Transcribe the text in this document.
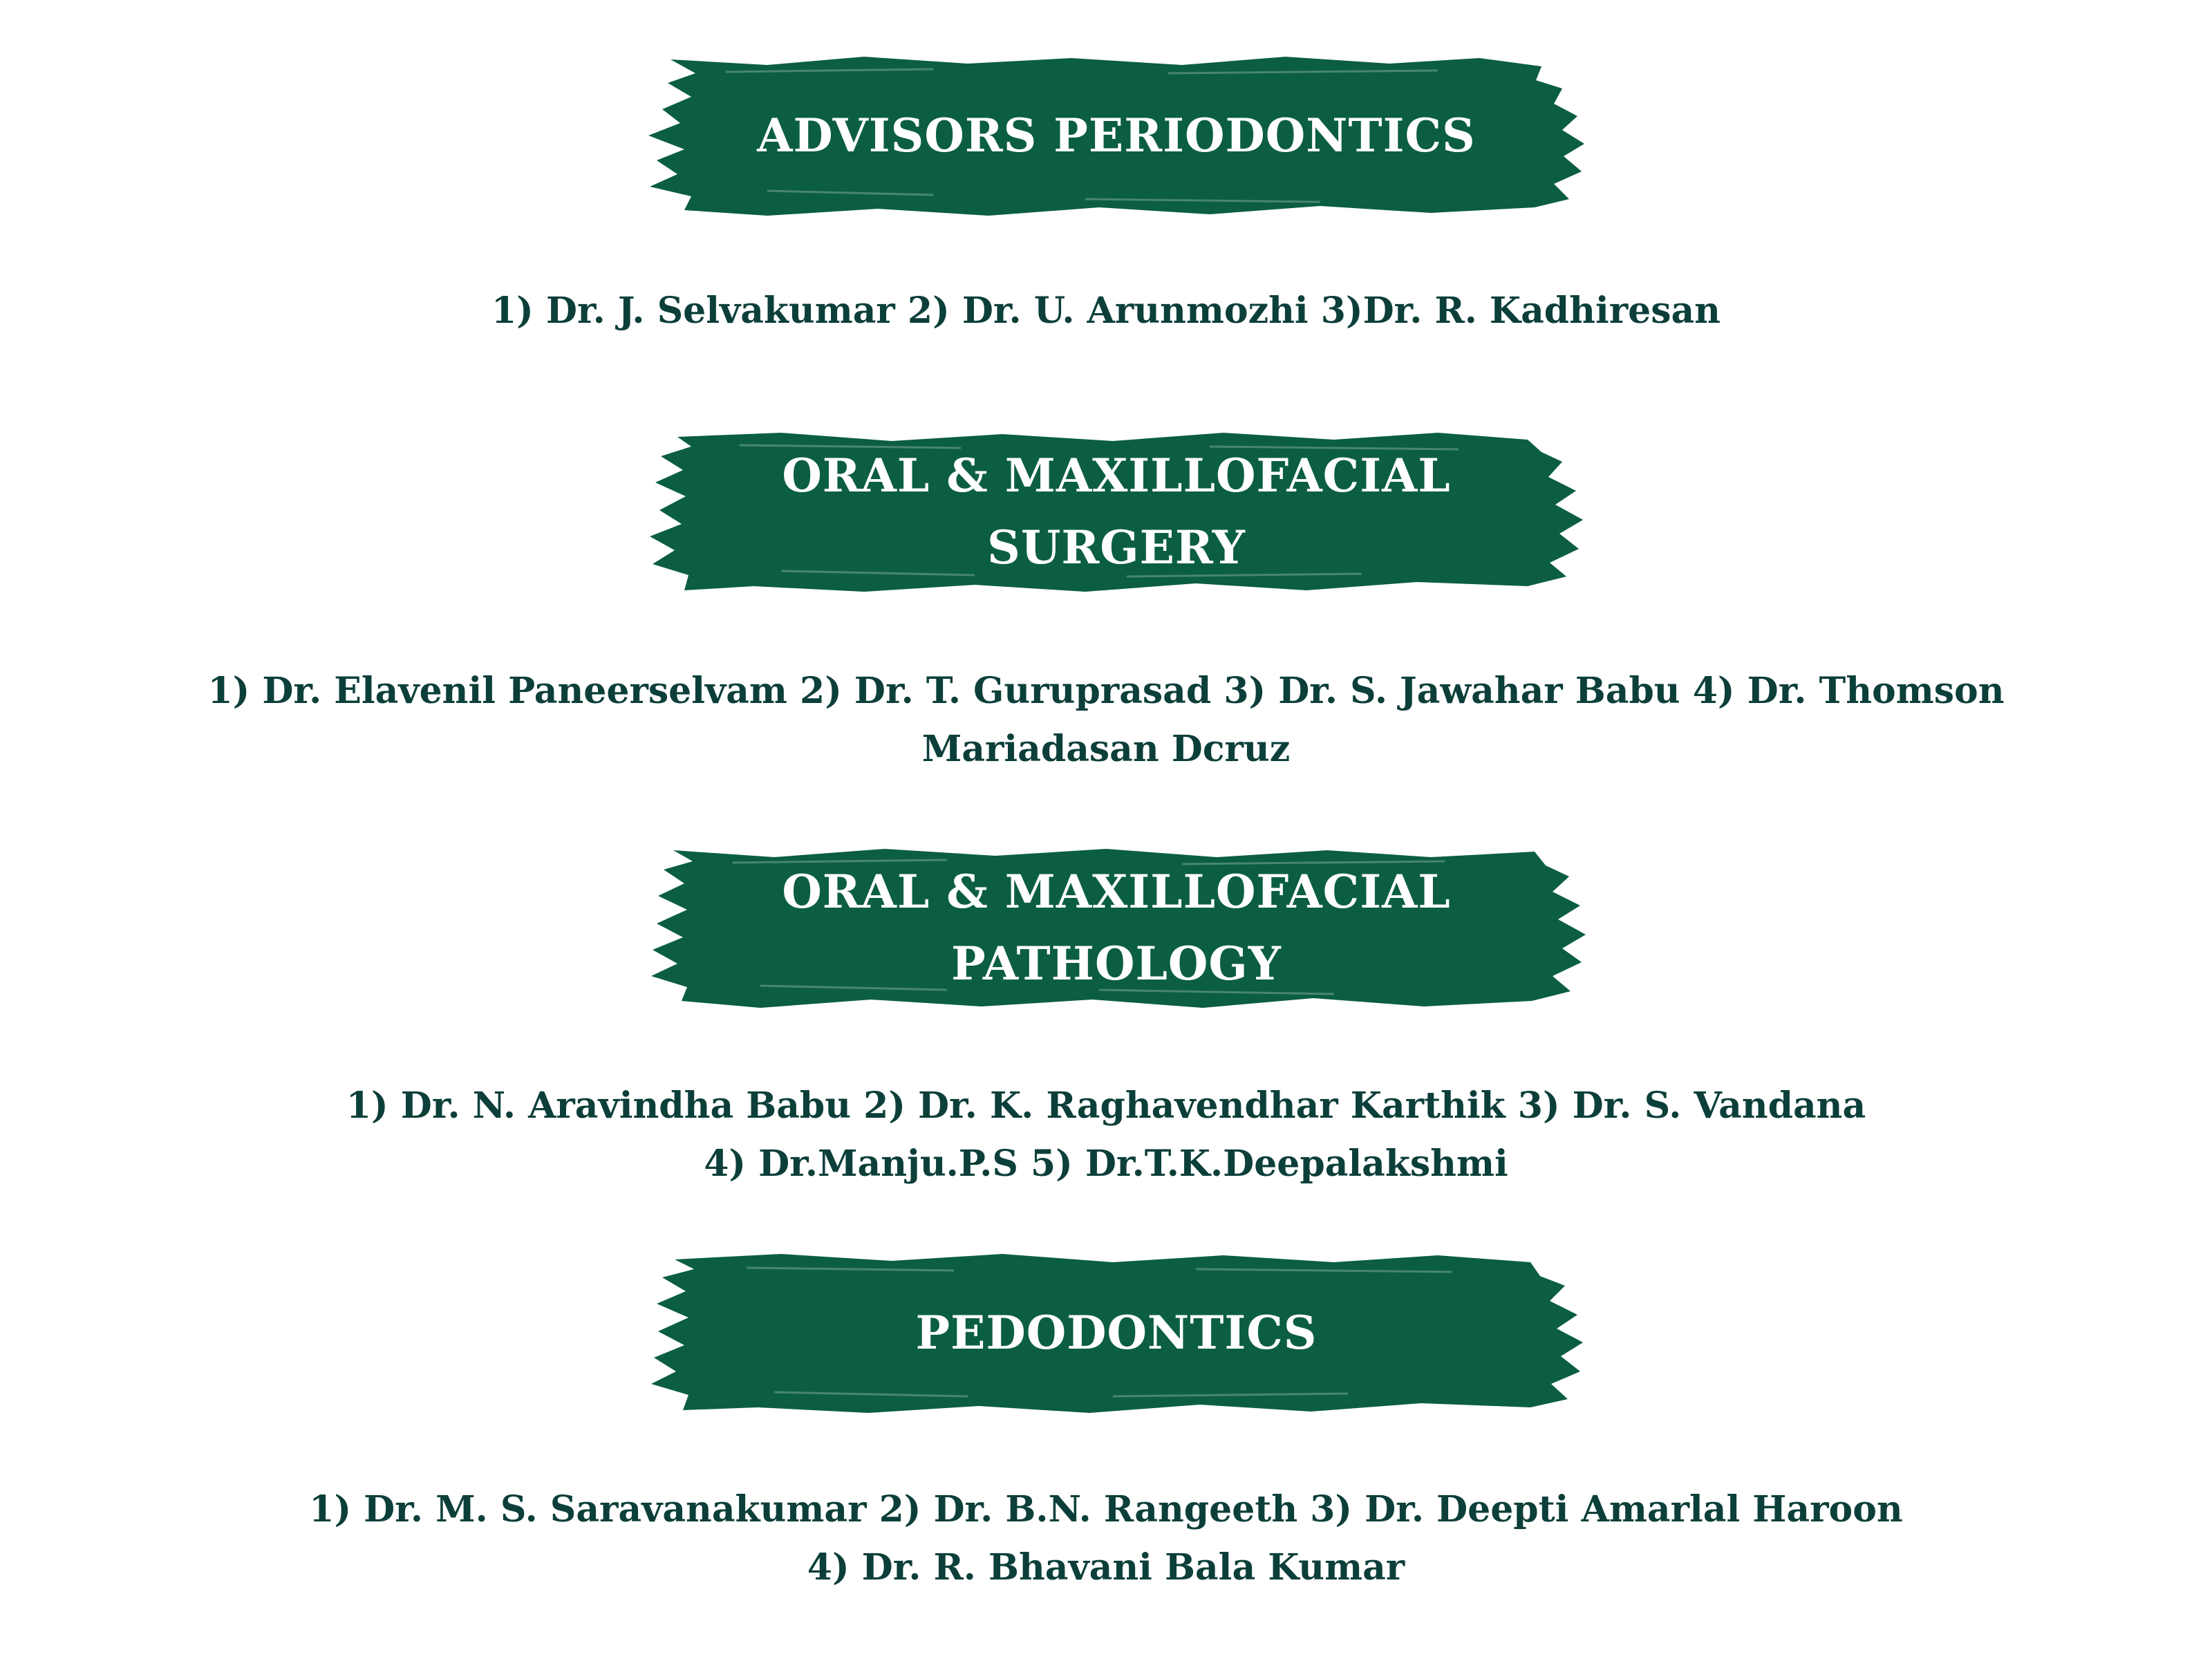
ADVISORS PERIODONTICS
1) Dr. J. Selvakumar 2) Dr. U. Arunmozhi 3)Dr. R. Kadhiresan
ORAL & MAXILLOFACIAL
SURGERY
1) Dr. Elavenil Paneerselvam 2) Dr. T. Guruprasad 3) Dr. S. Jawahar Babu 4) Dr. Thomson
Mariadasan Dcruz
ORAL & MAXILLOFACIAL
PATHOLOGY
1) Dr. N. Aravindha Babu 2) Dr. K. Raghavendhar Karthik 3) Dr. S. Vandana
4) Dr.Manju.P.S 5) Dr.T.K.Deepalakshmi
PEDODONTICS
1) Dr. M. S. Saravanakumar 2) Dr. B.N. Rangeeth 3) Dr. Deepti Amarlal Haroon
4) Dr. R. Bhavani Bala Kumar
